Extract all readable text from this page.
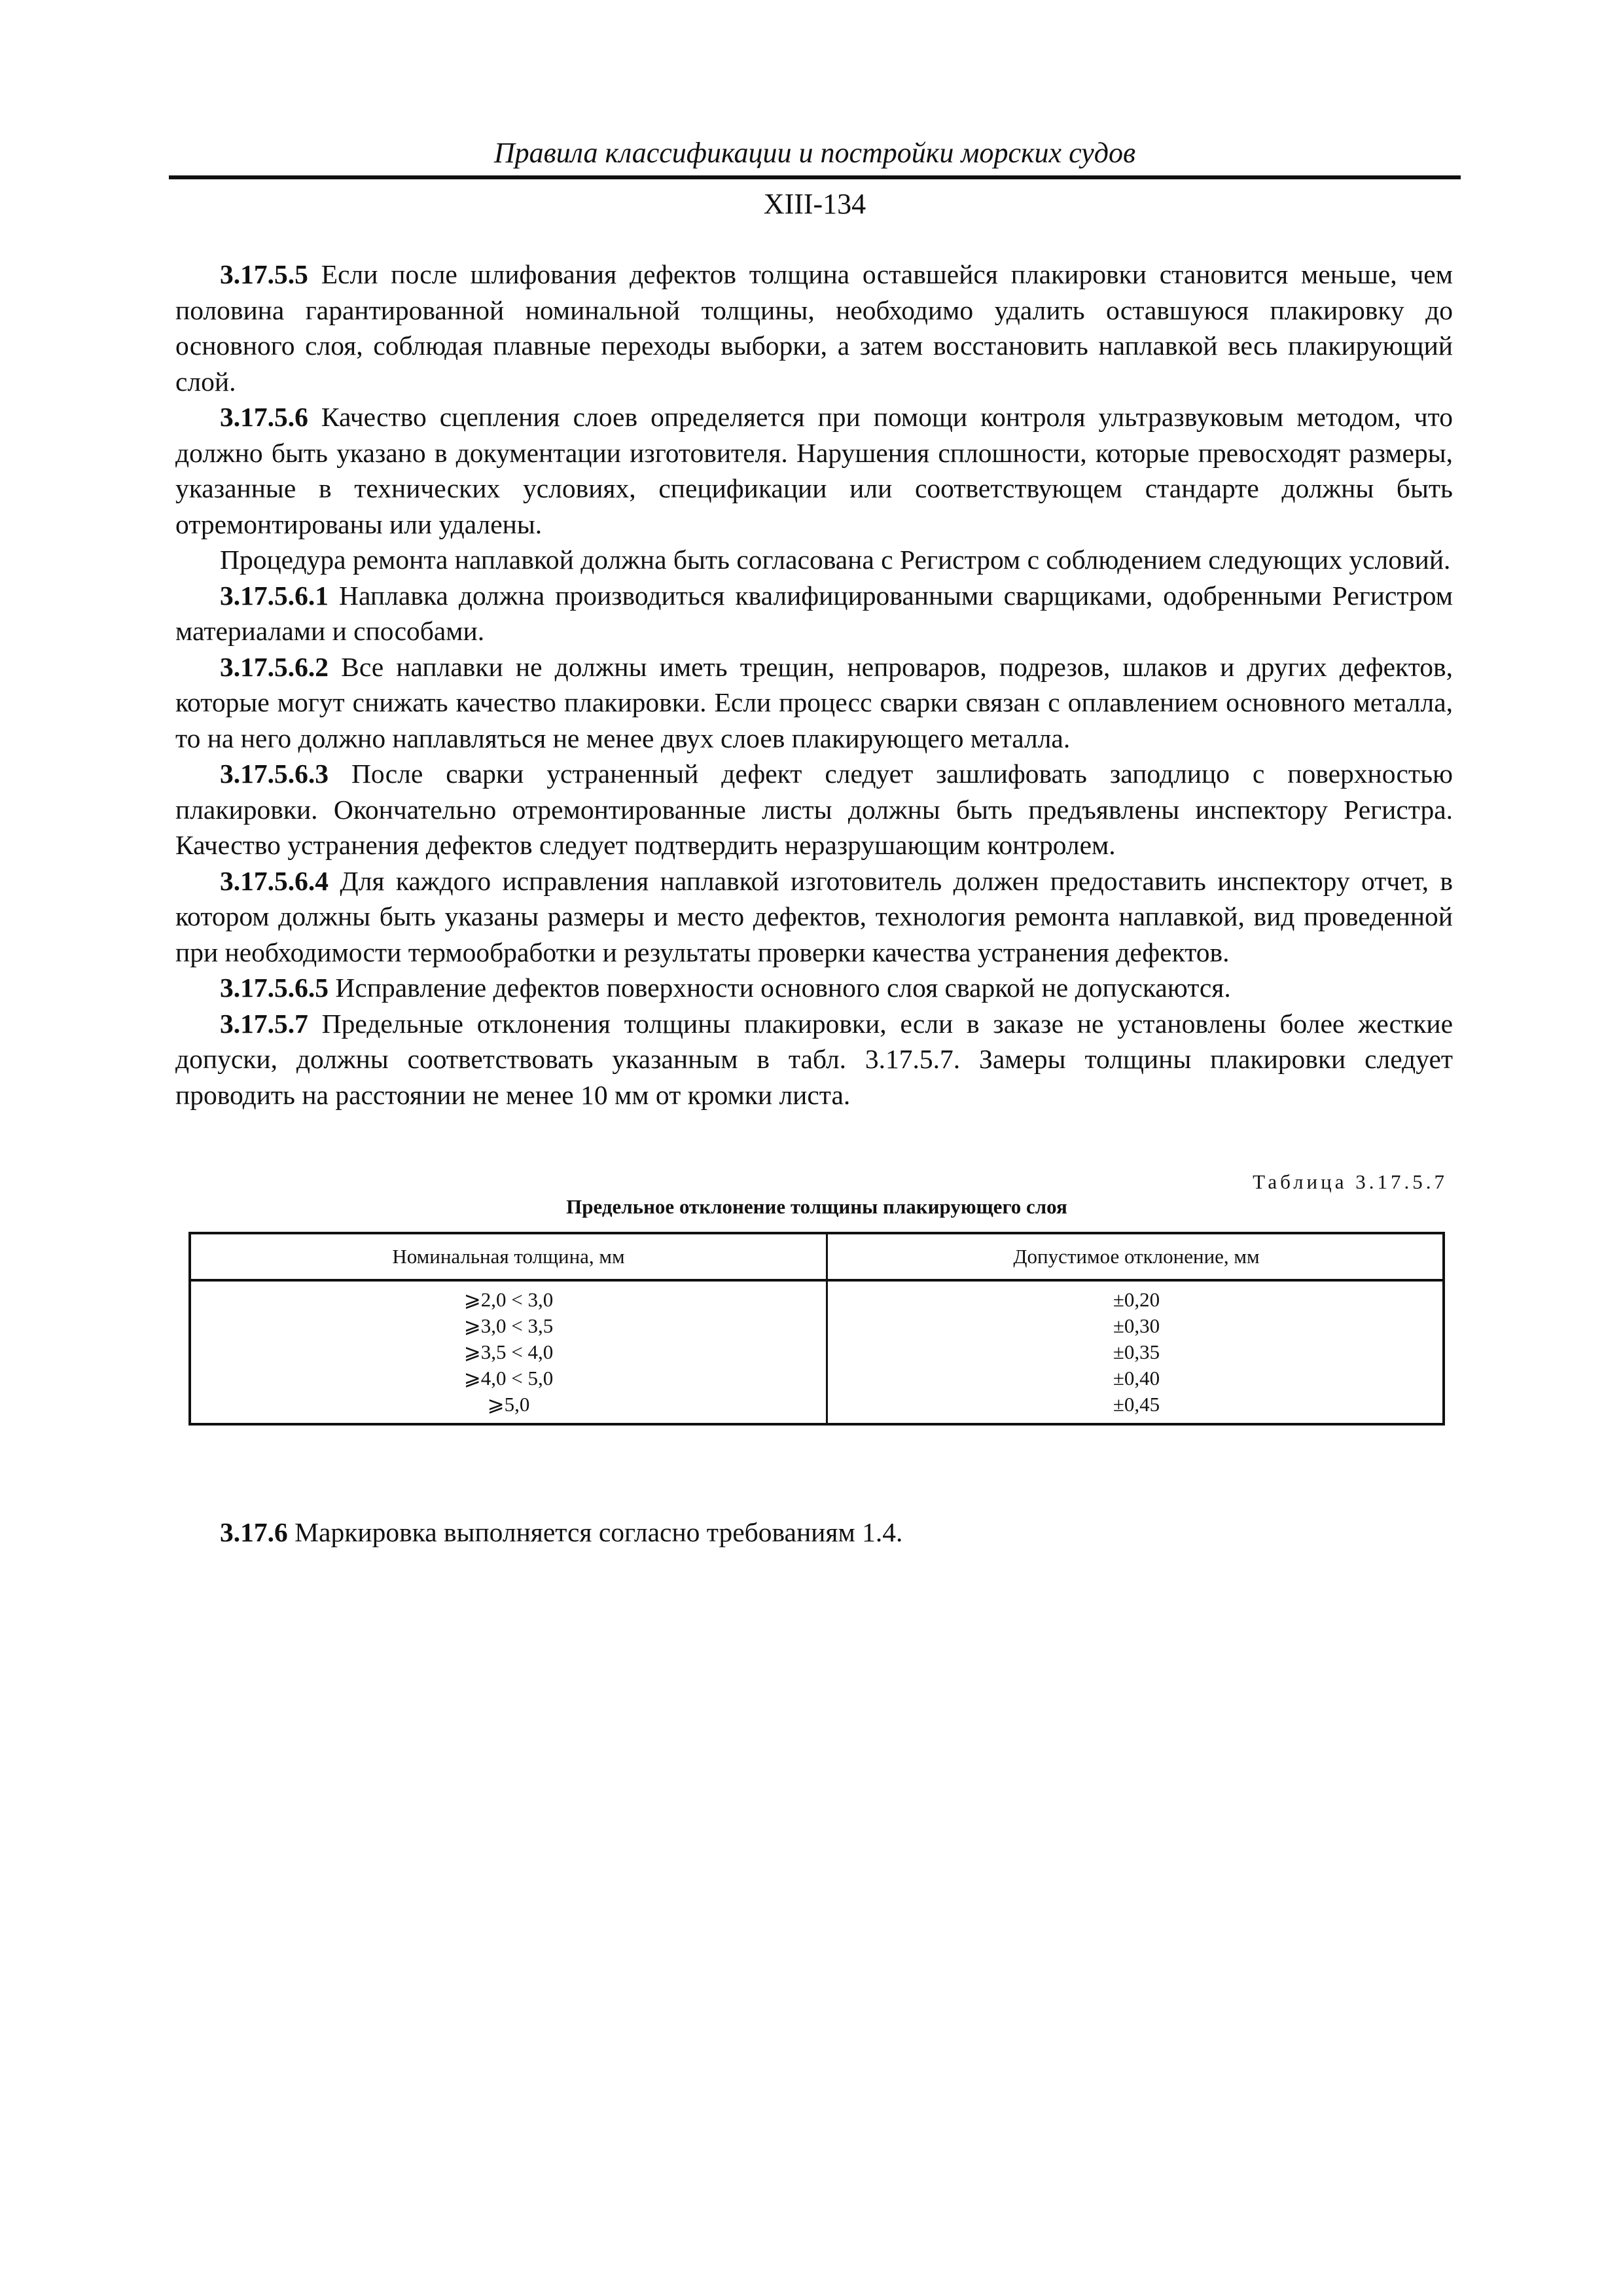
Правила классификации и постройки морских судов
XIII-134

3.17.5.5 Если после шлифования дефектов толщина оставшейся плакировки становится меньше, чем половина гарантированной номинальной толщины, необходимо удалить оставшуюся плакировку до основного слоя, соблюдая плавные переходы выборки, а затем восстановить наплавкой весь плакирующий слой.

3.17.5.6 Качество сцепления слоев определяется при помощи контроля ультразвуковым методом, что должно быть указано в документации изготовителя. Нарушения сплошности, которые превосходят размеры, указанные в технических условиях, спецификации или соответствующем стандарте должны быть отремонтированы или удалены.

Процедура ремонта наплавкой должна быть согласована с Регистром с соблюдением следующих условий.

3.17.5.6.1 Наплавка должна производиться квалифицированными сварщиками, одобренными Регистром материалами и способами.

3.17.5.6.2 Все наплавки не должны иметь трещин, непроваров, подрезов, шлаков и других дефектов, которые могут снижать качество плакировки. Если процесс сварки связан с оплавлением основного металла, то на него должно наплавляться не менее двух слоев плакирующего металла.

3.17.5.6.3 После сварки устраненный дефект следует зашлифовать заподлицо с поверхностью плакировки. Окончательно отремонтированные листы должны быть предъявлены инспектору Регистра. Качество устранения дефектов следует подтвердить неразрушающим контролем.

3.17.5.6.4 Для каждого исправления наплавкой изготовитель должен предоставить инспектору отчет, в котором должны быть указаны размеры и место дефектов, технология ремонта наплавкой, вид проведенной при необходимости термообработки и результаты проверки качества устранения дефектов.

3.17.5.6.5 Исправление дефектов поверхности основного слоя сваркой не допускаются.

3.17.5.7 Предельные отклонения толщины плакировки, если в заказе не установлены более жесткие допуски, должны соответствовать указанным в табл. 3.17.5.7. Замеры толщины плакировки следует проводить на расстоянии не менее 10 мм от кромки листа.

Таблица 3.17.5.7
Предельное отклонение толщины плакирующего слоя
Номинальная толщина, мм	Допустимое отклонение, мм
⩾2,0 < 3,0	±0,20
⩾3,0 < 3,5	±0,30
⩾3,5 < 4,0	±0,35
⩾4,0 < 5,0	±0,40
⩾5,0	±0,45

3.17.6 Маркировка выполняется согласно требованиям 1.4.
